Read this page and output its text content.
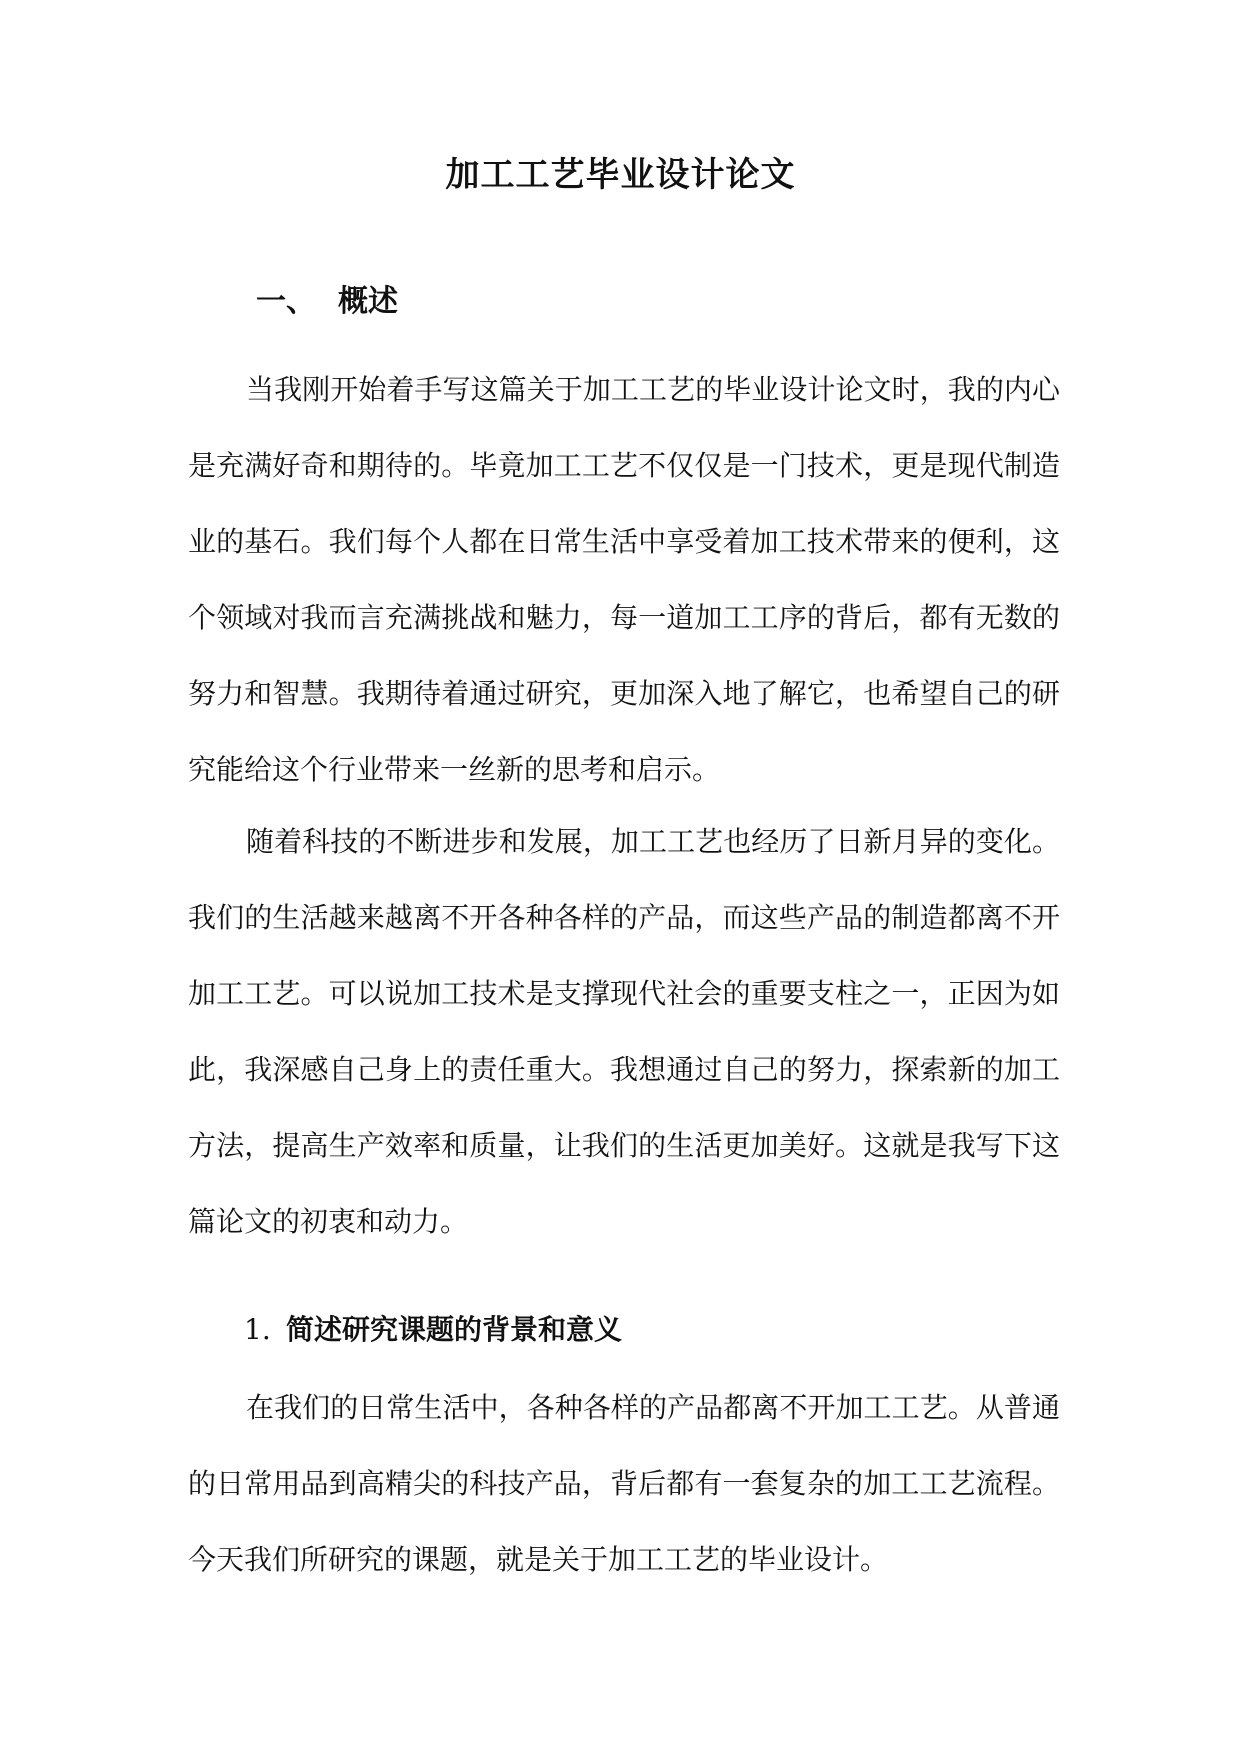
加工工艺毕业设计论文
一、 概述

当我刚开始着手写这篇关于加工工艺的毕业设计论文时，我的内心是充满好奇和期待的。毕竟加工工艺不仅仅是一门技术，更是现代制造业的基石。我们每个人都在日常生活中享受着加工技术带来的便利，这个领域对我而言充满挑战和魅力，每一道加工工序的背后，都有无数的努力和智慧。我期待着通过研究，更加深入地了解它，也希望自己的研究能给这个行业带来一丝新的思考和启示。

随着科技的不断进步和发展，加工工艺也经历了日新月异的变化。我们的生活越来越离不开各种各样的产品，而这些产品的制造都离不开加工工艺。可以说加工技术是支撑现代社会的重要支柱之一，正因为如此，我深感自己身上的责任重大。我想通过自己的努力，探索新的加工方法，提高生产效率和质量，让我们的生活更加美好。这就是我写下这篇论文的初衷和动力。

1. 简述研究课题的背景和意义

在我们的日常生活中，各种各样的产品都离不开加工工艺。从普通的日常用品到高精尖的科技产品，背后都有一套复杂的加工工艺流程。今天我们所研究的课题，就是关于加工工艺的毕业设计。
